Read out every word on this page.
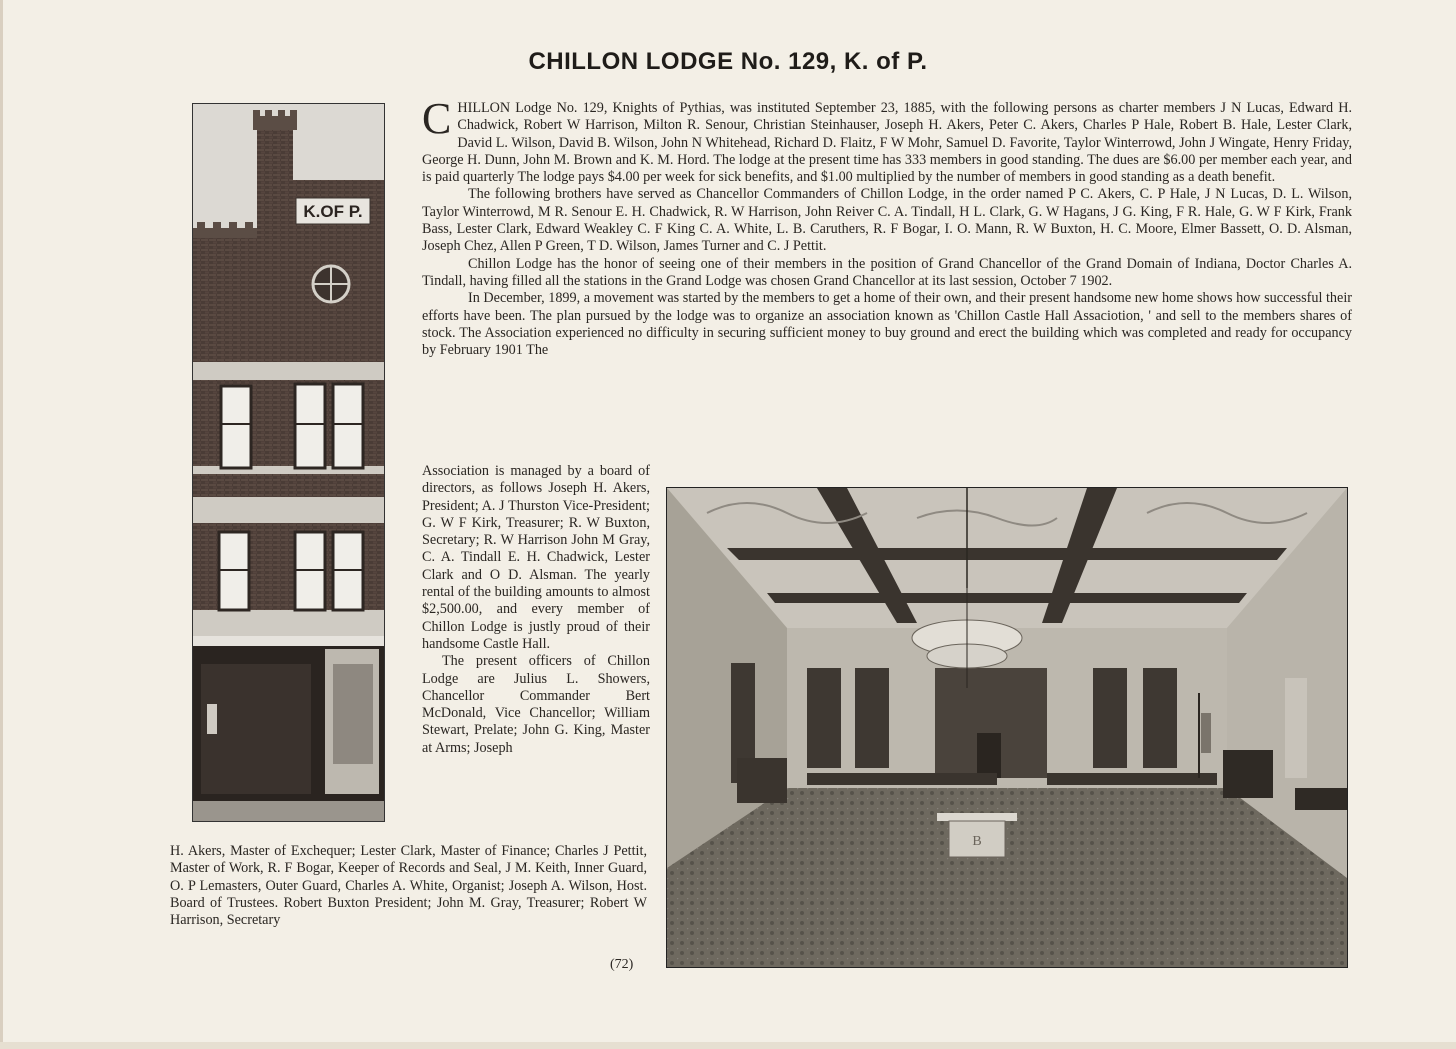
CHILLON LODGE No. 129, K. of P.
K.OF P.

CHILLON Lodge No. 129, Knights of Pythias, was instituted September 23, 1885, with the following persons as charter members J N Lucas, Edward H. Chadwick, Robert W Harrison, Milton R. Senour, Christian Steinhauser, Joseph H. Akers, Peter C. Akers, Charles P Hale, Robert B. Hale, Lester Clark, David L. Wilson, David B. Wilson, John N Whitehead, Richard D. Flaitz, F W Mohr, Samuel D. Favorite, Taylor Winterrowd, John J Wingate, Henry Friday, George H. Dunn, John M. Brown and K. M. Hord. The lodge at the present time has 333 members in good standing. The dues are $6.00 per member each year, and is paid quarterly The lodge pays $4.00 per week for sick benefits, and $1.00 multiplied by the number of members in good standing as a death benefit.

The following brothers have served as Chancellor Commanders of Chillon Lodge, in the order named P C. Akers, C. P Hale, J N Lucas, D. L. Wilson, Taylor Winterrowd, M R. Senour E. H. Chadwick, R. W Harrison, John Reiver C. A. Tindall, H L. Clark, G. W Hagans, J G. King, F R. Hale, G. W F Kirk, Frank Bass, Lester Clark, Edward Weakley C. F King C. A. White, L. B. Caruthers, R. F Bogar, I. O. Mann, R. W Buxton, H. C. Moore, Elmer Bassett, O. D. Alsman, Joseph Chez, Allen P Green, T D. Wilson, James Turner and C. J Pettit.

Chillon Lodge has the honor of seeing one of their members in the position of Grand Chancellor of the Grand Domain of Indiana, Doctor Charles A. Tindall, having filled all the stations in the Grand Lodge was chosen Grand Chancellor at its last session, October 7 1902.

In December, 1899, a movement was started by the members to get a home of their own, and their present handsome new home shows how successful their efforts have been. The plan pursued by the lodge was to organize an association known as 'Chillon Castle Hall Assaciotion, ' and sell to the members shares of stock. The Association experienced no difficulty in securing sufficient money to buy ground and erect the building which was completed and ready for occupancy by February 1901 The

Association is managed by a board of directors, as follows Joseph H. Akers, President; A. J Thurston Vice-President; G. W F Kirk, Treasurer; R. W Buxton, Secretary; R. W Harrison John M Gray, C. A. Tindall E. H. Chadwick, Lester Clark and O D. Alsman. The yearly rental of the building amounts to almost $2,500.00, and every member of Chillon Lodge is justly proud of their handsome Castle Hall.

The present officers of Chillon Lodge are Julius L. Showers, Chancellor Commander Bert McDonald, Vice Chancellor; William Stewart, Prelate; John G. King, Master at Arms; Joseph

H. Akers, Master of Exchequer; Lester Clark, Master of Finance; Charles J Pettit, Master of Work, R. F Bogar, Keeper of Records and Seal, J M. Keith, Inner Guard, O. P Lemasters, Outer Guard, Charles A. White, Organist; Joseph A. Wilson, Host. Board of Trustees. Robert Buxton President; John M. Gray, Treasurer; Robert W Harrison, Secretary

B
(72)
